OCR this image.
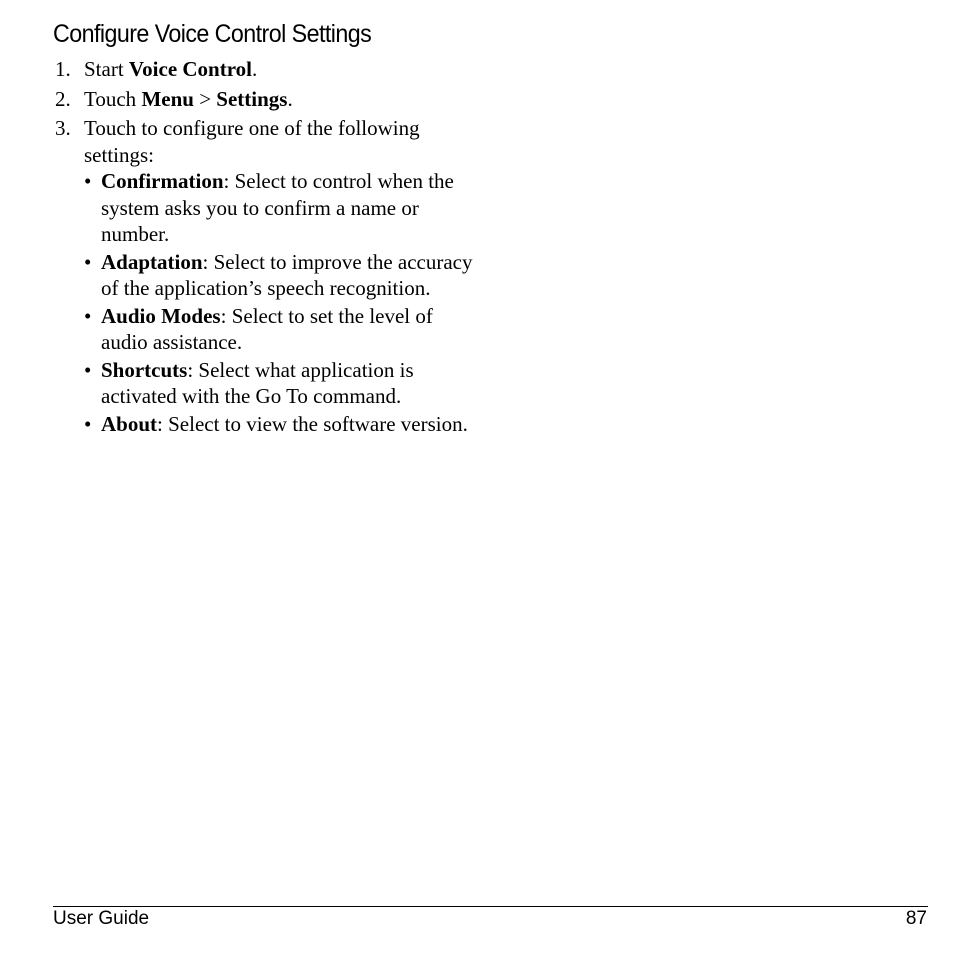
Configure Voice Control Settings
1. Start Voice Control.
2. Touch Menu > Settings.
3. Touch to configure one of the following settings:
• Confirmation: Select to control when the system asks you to confirm a name or number.
• Adaptation: Select to improve the accuracy of the application’s speech recognition.
• Audio Modes: Select to set the level of audio assistance.
• Shortcuts: Select what application is activated with the Go To command.
• About: Select to view the software version.
User Guide	87
